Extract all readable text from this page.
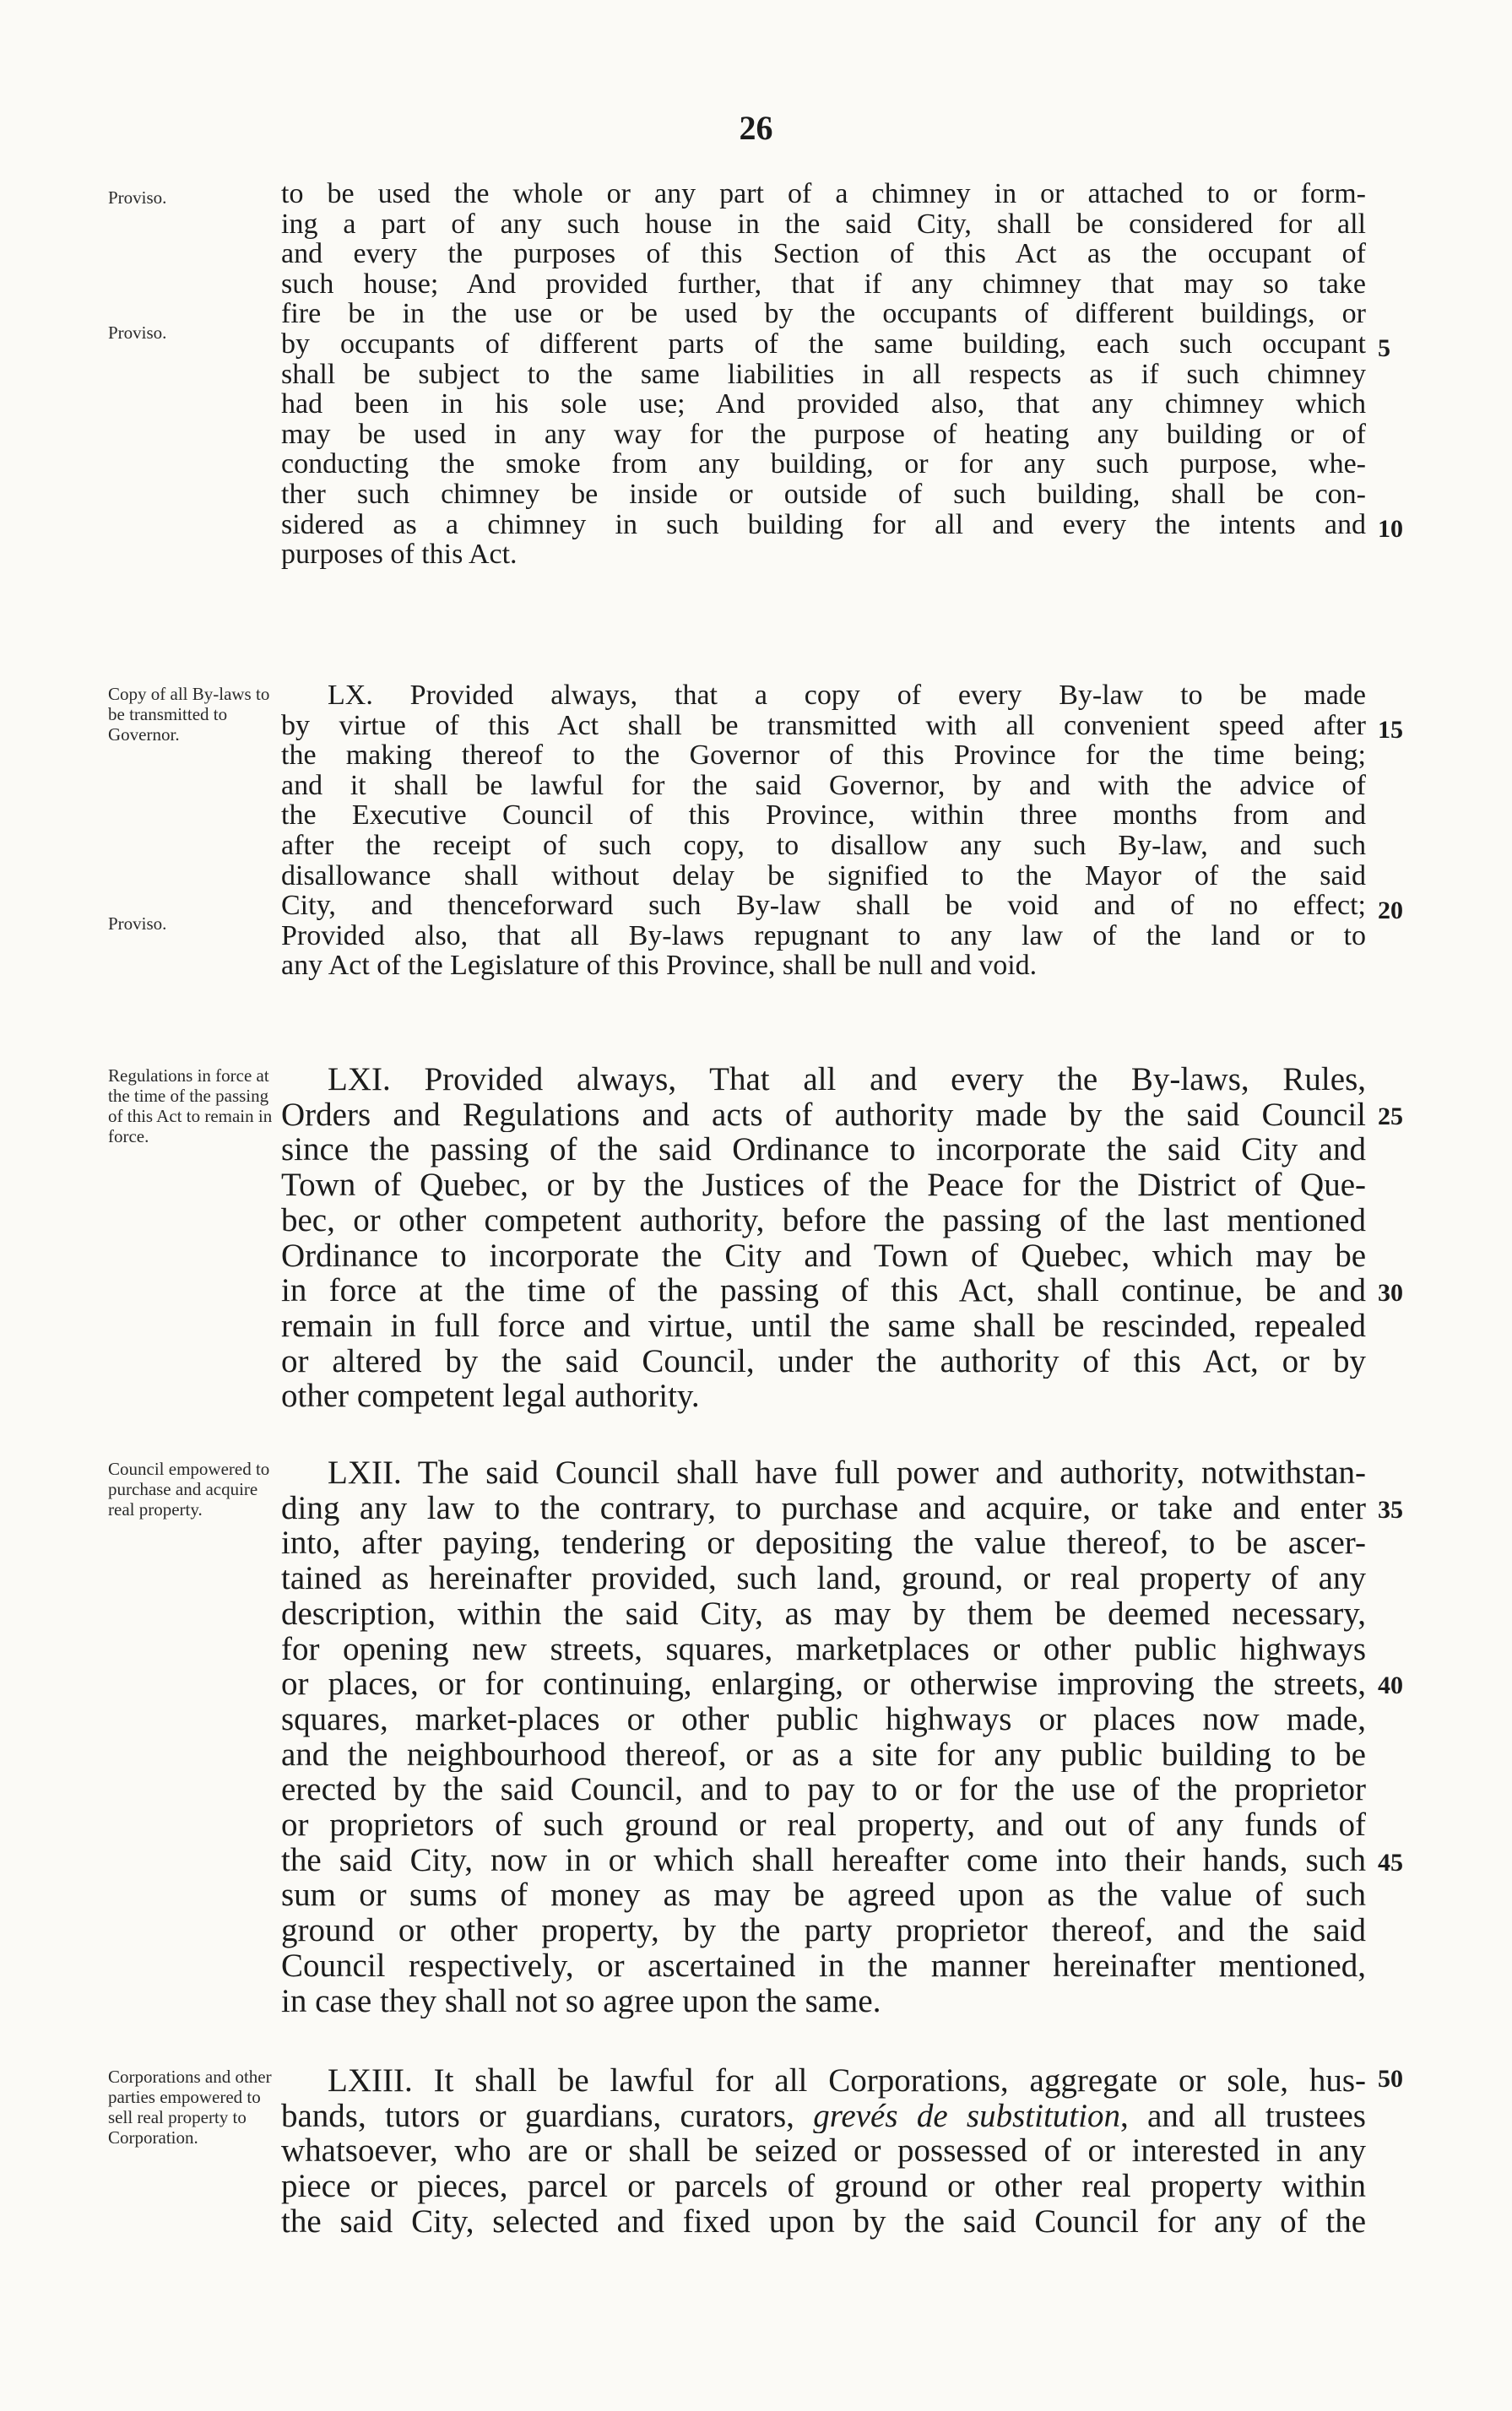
26
Proviso.
Proviso.
to be used the whole or any part of a chimney in or attached to or form-
ing a part of any such house in the said City, shall be considered for all
and every the purposes of this Section of this Act as the occupant of
such house; And provided further, that if any chimney that may so take
fire be in the use or be used by the occupants of different buildings, or
by occupants of different parts of the same building, each such occupant
shall be subject to the same liabilities in all respects as if such chimney
had been in his sole use; And provided also, that any chimney which
may be used in any way for the purpose of heating any building or of
conducting the smoke from any building, or for any such purpose, whe-
ther such chimney be inside or outside of such building, shall be con-
sidered as a chimney in such building for all and every the intents and
purposes of this Act.
5
10
Copy of all By-laws to be transmitted to Governor.
Proviso.
LX. Provided always, that a copy of every By-law to be made
by virtue of this Act shall be transmitted with all convenient speed after
the making thereof to the Governor of this Province for the time being;
and it shall be lawful for the said Governor, by and with the advice of
the Executive Council of this Province, within three months from and
after the receipt of such copy, to disallow any such By-law, and such
disallowance shall without delay be signified to the Mayor of the said
City, and thenceforward such By-law shall be void and of no effect;
Provided also, that all By-laws repugnant to any law of the land or to
any Act of the Legislature of this Province, shall be null and void.
15
20
Regulations in force at the time of the passing of this Act to remain in force.
LXI. Provided always, That all and every the By-laws, Rules,
Orders and Regulations and acts of authority made by the said Council
since the passing of the said Ordinance to incorporate the said City and
Town of Quebec, or by the Justices of the Peace for the District of Que-
bec, or other competent authority, before the passing of the last mentioned
Ordinance to incorporate the City and Town of Quebec, which may be
in force at the time of the passing of this Act, shall continue, be and
remain in full force and virtue, until the same shall be rescinded, repealed
or altered by the said Council, under the authority of this Act, or by
other competent legal authority.
25
30
Council empowered to purchase and acquire real property.
LXII. The said Council shall have full power and authority, notwithstan-
ding any law to the contrary, to purchase and acquire, or take and enter
into, after paying, tendering or depositing the value thereof, to be ascer-
tained as hereinafter provided, such land, ground, or real property of any
description, within the said City, as may by them be deemed necessary,
for opening new streets, squares, marketplaces or other public highways
or places, or for continuing, enlarging, or otherwise improving the streets,
squares, market-places or other public highways or places now made,
and the neighbourhood thereof, or as a site for any public building to be
erected by the said Council, and to pay to or for the use of the proprietor
or proprietors of such ground or real property, and out of any funds of
the said City, now in or which shall hereafter come into their hands, such
sum or sums of money as may be agreed upon as the value of such
ground or other property, by the party proprietor thereof, and the said
Council respectively, or ascertained in the manner hereinafter mentioned,
in case they shall not so agree upon the same.
35
40
45
Corporations and other parties empowered to sell real property to Corporation.
LXIII. It shall be lawful for all Corporations, aggregate or sole, hus-
bands, tutors or guardians, curators, grevés de substitution, and all trustees
whatsoever, who are or shall be seized or possessed of or interested in any
piece or pieces, parcel or parcels of ground or other real property within
the said City, selected and fixed upon by the said Council for any of the
50
